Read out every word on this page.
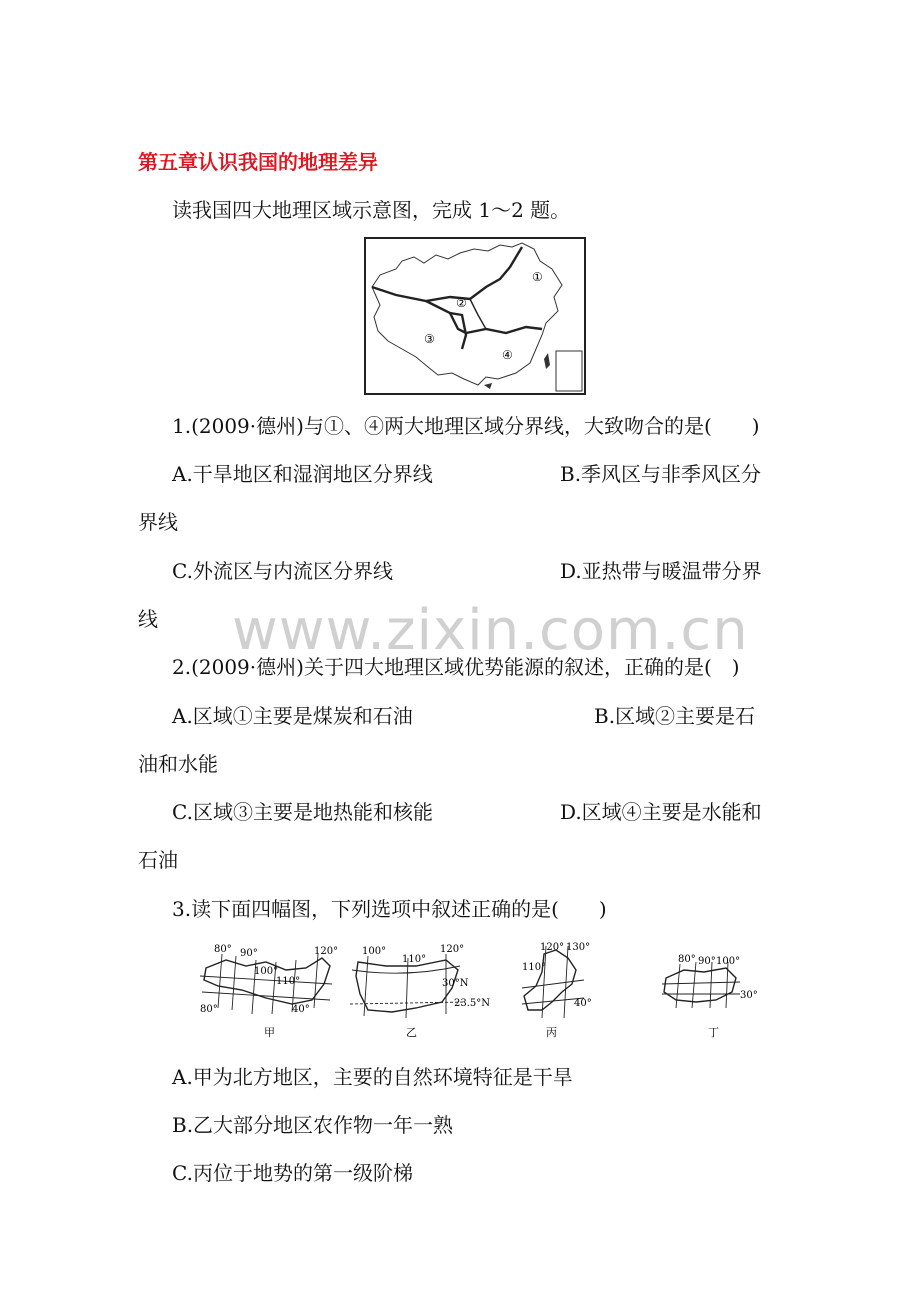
第五章认识我国的地理差异
读我国四大地理区域示意图，完成 1～2 题。
①
②
③
④
1.(2009·德州)与①、④两大地理区域分界线，大致吻合的是(　　)
A.干旱地区和湿润地区分界线	B.季风区与非季风区分
界线
C.外流区与内流区分界线	D.亚热带与暖温带分界
线 www.zixin.com.cn
2.(2009·德州)关于四大地理区域优势能源的叙述，正确的是(　)
A.区域①主要是煤炭和石油	B.区域②主要是石
油和水能
C.区域③主要是地热能和核能	D.区域④主要是水能和
石油
3.读下面四幅图，下列选项中叙述正确的是(　　)
80° 90°
100°
110°
120°
80°	40°
甲
100°
110°
120°
30°N
23.5°N
乙
120° 130°
110°
40°
丙
80° 90° 100°
30°
丁
A.甲为北方地区，主要的自然环境特征是干旱
B.乙大部分地区农作物一年一熟
C.丙位于地势的第一级阶梯
